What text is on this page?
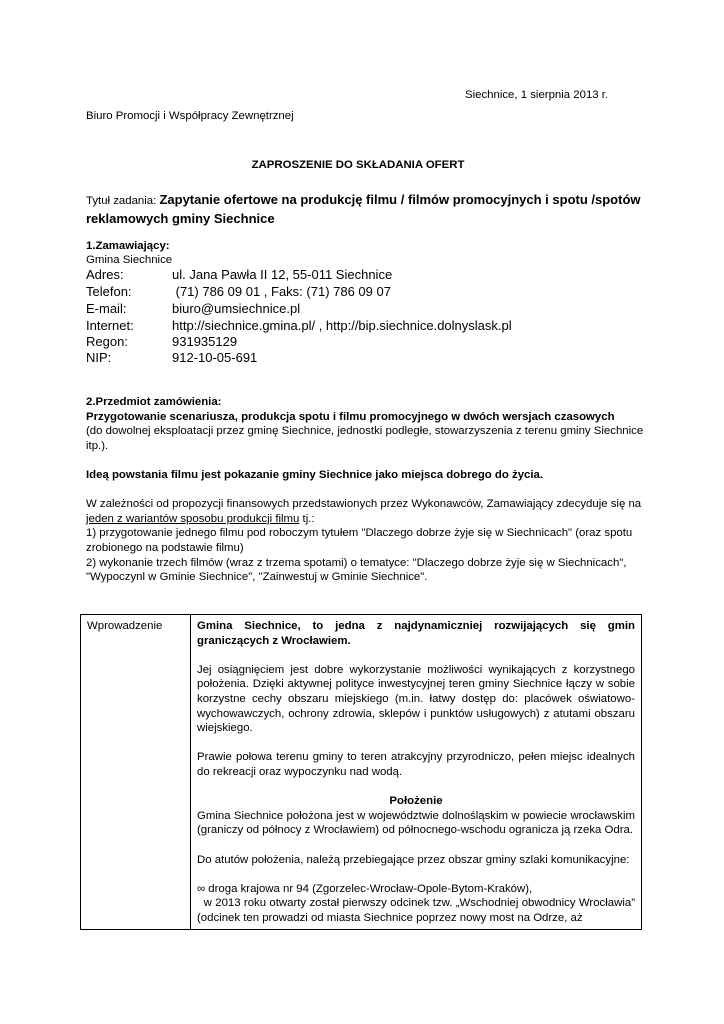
Siechnice, 1 sierpnia 2013 r.
Biuro Promocji i Współpracy Zewnętrznej
ZAPROSZENIE DO SKŁADANIA OFERT
Tytuł zadania: Zapytanie ofertowe na produkcję filmu / filmów promocyjnych i spotu /spotów
reklamowych gminy Siechnice
1.Zamawiający:
Gmina Siechnice
Adres:	ul. Jana Pawła II 12, 55-011 Siechnice
Telefon:	(71) 786 09 01 , Faks: (71) 786 09 07
E-mail:	biuro@umsiechnice.pl
Internet:	http://siechnice.gmina.pl/ , http://bip.siechnice.dolnyslask.pl
Regon:	931935129
NIP:	912-10-05-691
2.Przedmiot zamówienia:
Przygotowanie scenariusza, produkcja spotu i filmu promocyjnego w dwóch wersjach czasowych
(do dowolnej eksploatacji przez gminę Siechnice, jednostki podległe, stowarzyszenia z terenu gminy Siechnice
itp.).
Ideą powstania filmu jest pokazanie gminy Siechnice jako miejsca dobrego do życia.
W zależności od propozycji finansowych przedstawionych przez Wykonawców, Zamawiający zdecyduje się na
jeden z wariantów sposobu produkcji filmu tj.:
1) przygotowanie jednego filmu pod roboczym tytułem "Dlaczego dobrze żyje się w Siechnicach" (oraz spotu
zrobionego na podstawie filmu)
2) wykonanie trzech filmów (wraz z trzema spotami) o tematyce: "Dlaczego dobrze żyje się w Siechnicach",
"Wypoczynl w Gminie Siechnice", "Zainwestuj w Gminie Siechnice".
Wprowadzenie	Gmina Siechnice, to jedna z najdynamiczniej rozwijających się gmin graniczących z Wrocławiem.

Jej osiągnięciem jest dobre wykorzystanie możliwości wynikających z korzystnego położenia. Dzięki aktywnej polityce inwestycyjnej teren gminy Siechnice łączy w sobie korzystne cechy obszaru miejskiego (m.in. łatwy dostęp do: placówek oświatowo-wychowawczych, ochrony zdrowia, sklepów i punktów usługowych) z atutami obszaru wiejskiego.

Prawie połowa terenu gminy to teren atrakcyjny przyrodniczo, pełen miejsc idealnych do rekreacji oraz wypoczynku nad wodą.

Położenie

Gmina Siechnice położona jest w województwie dolnośląskim w powiecie wrocławskim (graniczy od północy z Wrocławiem) od północnego-wschodu ogranicza ją rzeka Odra.

Do atutów położenia, należą przebiegające przez obszar gminy szlaki komunikacyjne:

∞ droga krajowa nr 94 (Zgorzelec-Wrocław-Opole-Bytom-Kraków),

w 2013 roku otwarty został pierwszy odcinek tzw. „Wschodniej obwodnicy Wrocławia” (odcinek ten prowadzi od miasta Siechnice poprzez nowy most na Odrze, aż
